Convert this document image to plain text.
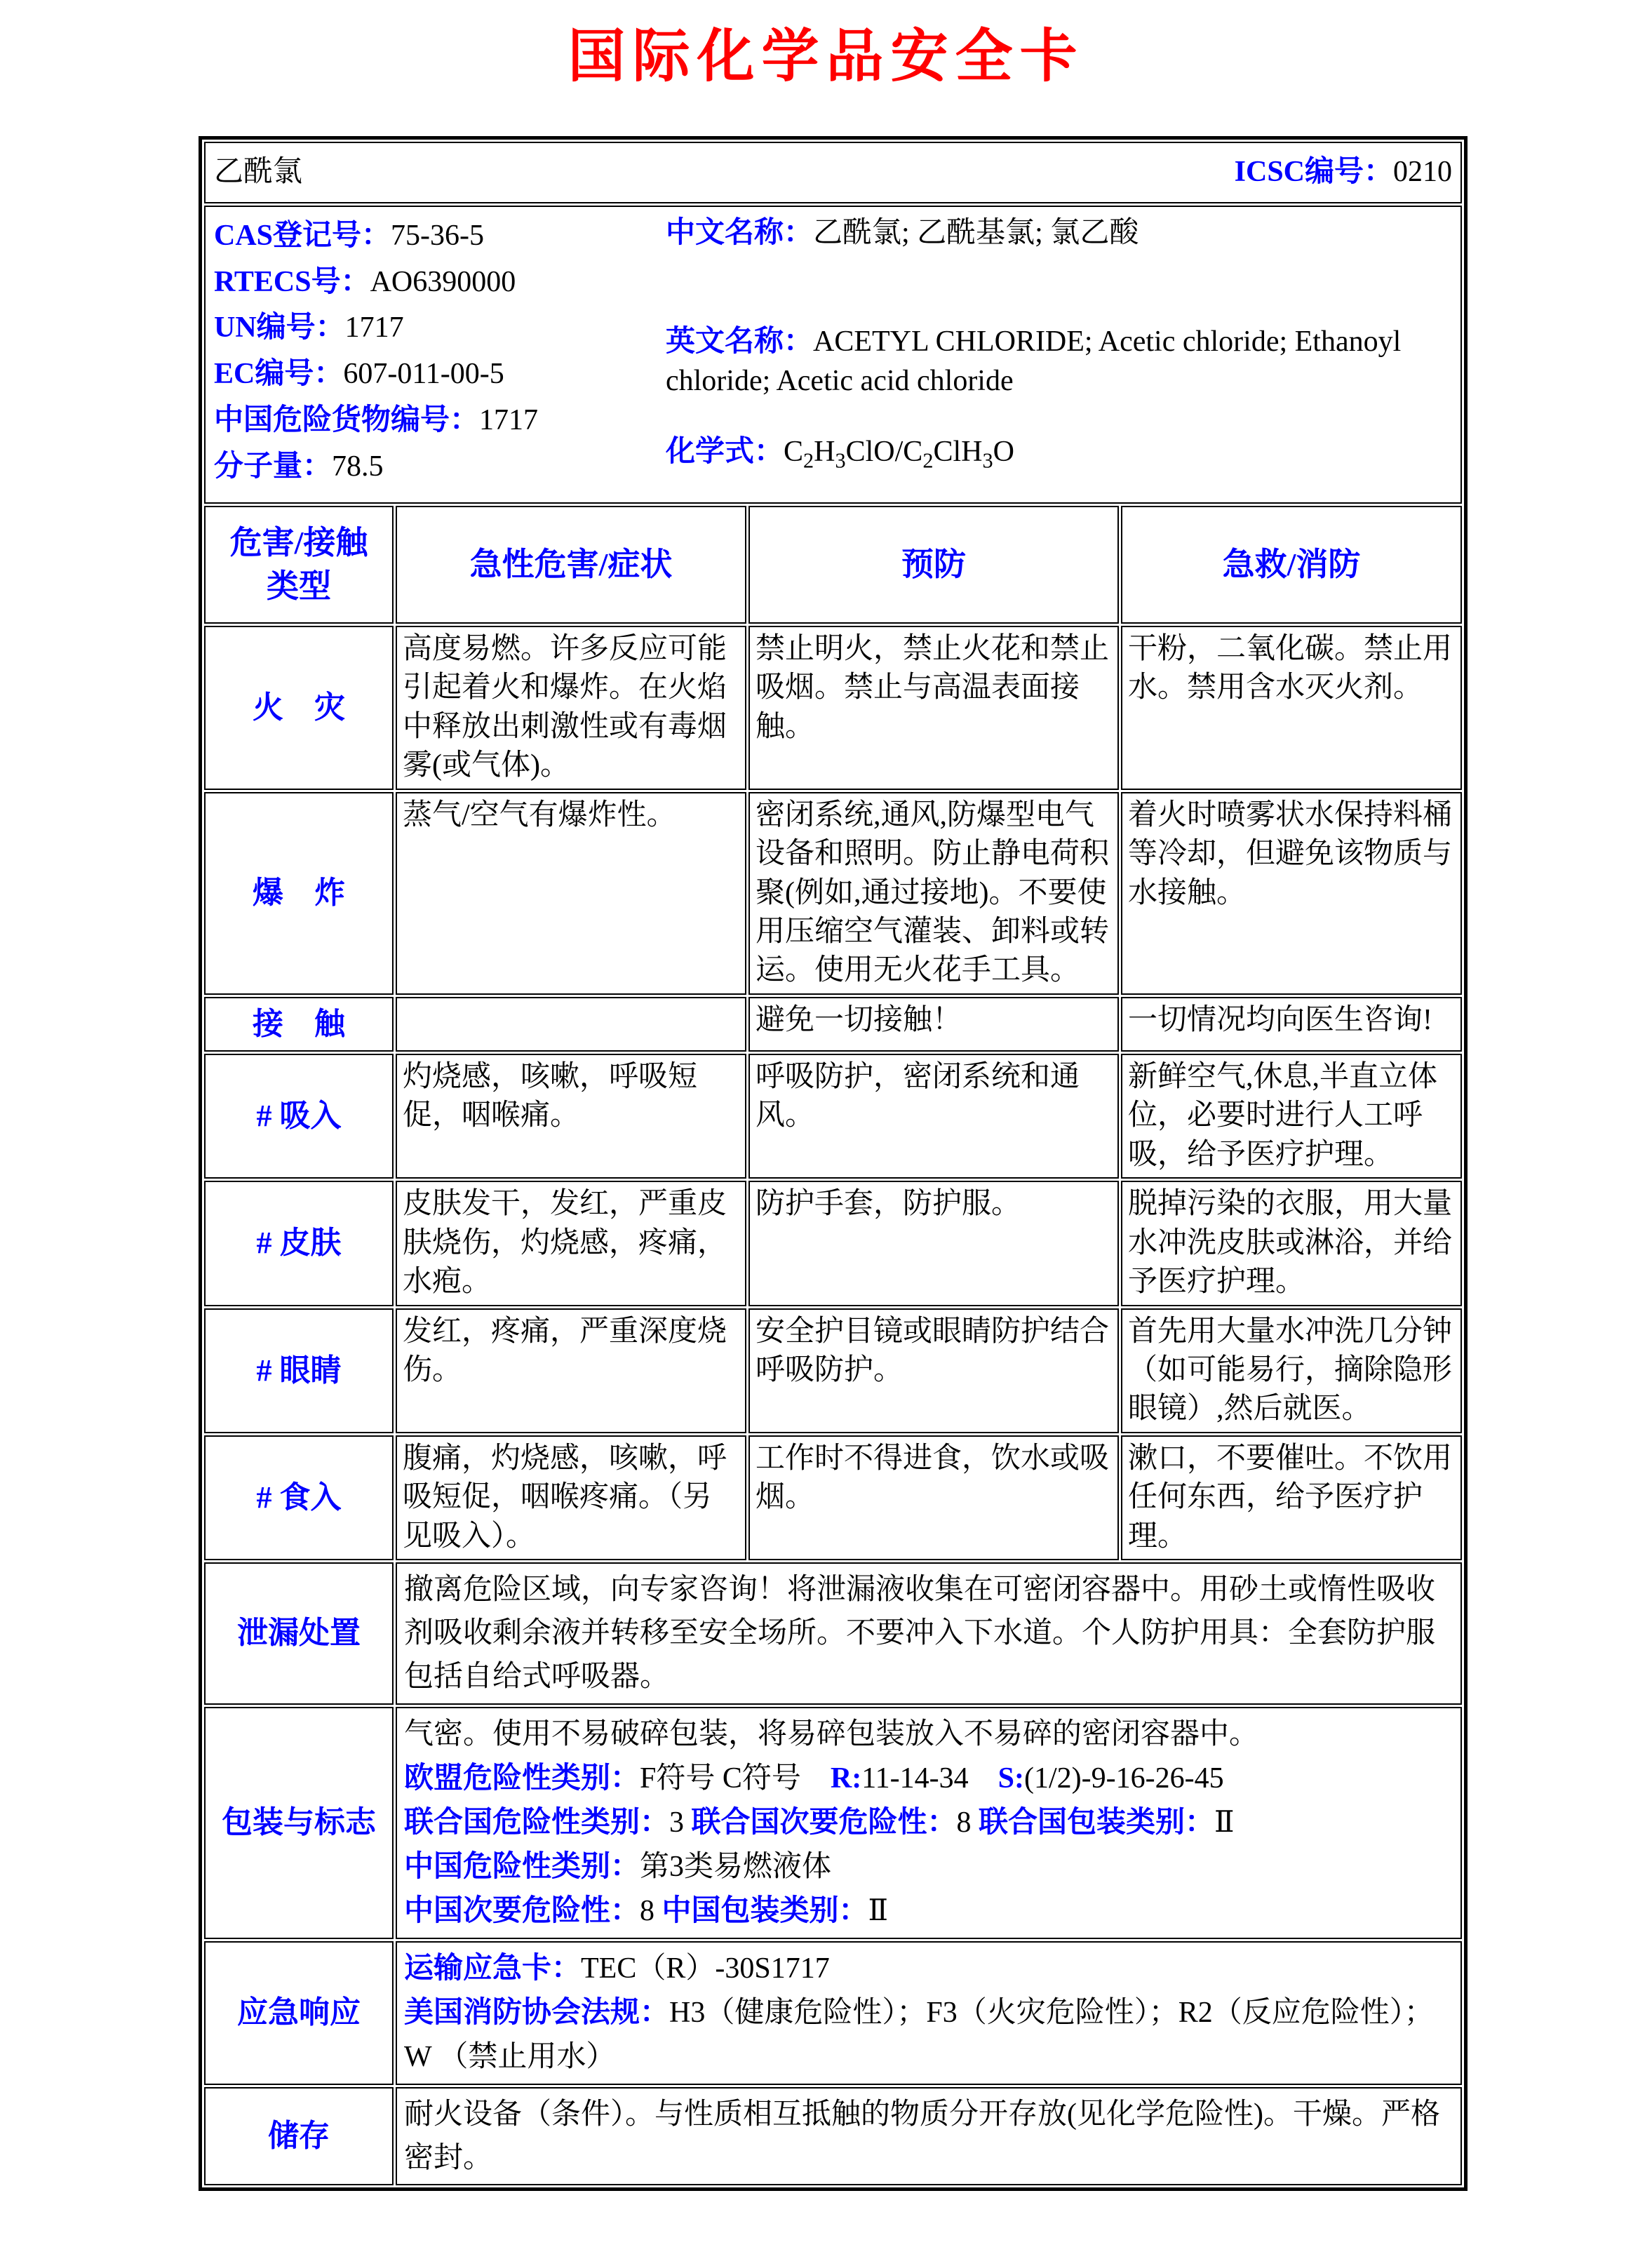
国际化学品安全卡
乙酰氯 ICSC编号：0210			

CAS登记号：75-36-5
RTECS号：AO6390000
UN编号：1717
EC编号：607-011-00-5
中国危险货物编号：1717
分子量：78.5
中文名称：乙酰氯; 乙酰基氯; 氯乙酸
英文名称：ACETYL CHLORIDE; Acetic chloride; Ethanoyl chloride; Acetic acid chloride
化学式：$C_2H_3ClO/C_2ClH_3O$

危害/接触
类型	急性危害/症状	预防	急救/消防
火　灾	高度易燃。许多反应可能引起着火和爆炸。在火焰中释放出刺激性或有毒烟雾(或气体)。	禁止明火，禁止火花和禁止吸烟。禁止与高温表面接触。	干粉，二氧化碳。禁止用水。禁用含水灭火剂。
爆　炸	蒸气/空气有爆炸性。	密闭系统,通风,防爆型电气设备和照明。防止静电荷积聚(例如,通过接地)。不要使用压缩空气灌装、卸料或转运。使用无火花手工具。	着火时喷雾状水保持料桶等冷却，但避免该物质与水接触。
接　触		避免一切接触！	一切情况均向医生咨询!
# 吸入	灼烧感，咳嗽，呼吸短促，咽喉痛。	呼吸防护，密闭系统和通风。	新鲜空气,休息,半直立体位，必要时进行人工呼吸，给予医疗护理。
# 皮肤	皮肤发干，发红，严重皮肤烧伤，灼烧感，疼痛，水疱。	防护手套，防护服。	脱掉污染的衣服，用大量水冲洗皮肤或淋浴，并给予医疗护理。
# 眼睛	发红，疼痛，严重深度烧伤。	安全护目镜或眼睛防护结合呼吸防护。	首先用大量水冲洗几分钟（如可能易行，摘除隐形眼镜）,然后就医。
# 食入	腹痛，灼烧感，咳嗽，呼吸短促，咽喉疼痛。（另见吸入）。	工作时不得进食，饮水或吸烟。	漱口，不要催吐。不饮用任何东西，给予医疗护理。
泄漏处置	撤离危险区域，向专家咨询！将泄漏液收集在可密闭容器中。用砂土或惰性吸收剂吸收剩余液并转移至安全场所。不要冲入下水道。个人防护用具：全套防护服包括自给式呼吸器。		
包装与标志	气密。使用不易破碎包装，将易碎包装放入不易碎的密闭容器中。
欧盟危险性类别：F符号 C符号　R:11-14-34　S:(1/2)-9-16-26-45
联合国危险性类别：3 联合国次要危险性：8 联合国包装类别：Ⅱ
中国危险性类别：第3类易燃液体
中国次要危险性：8 中国包装类别：Ⅱ		

应急响应	运输应急卡：TEC（R）-30S1717
美国消防协会法规：H3（健康危险性）；F3（火灾危险性）；R2（反应危险性）；W （禁止用水）		

储存	耐火设备（条件）。与性质相互抵触的物质分开存放(见化学危险性)。干燥。严格密封。		
